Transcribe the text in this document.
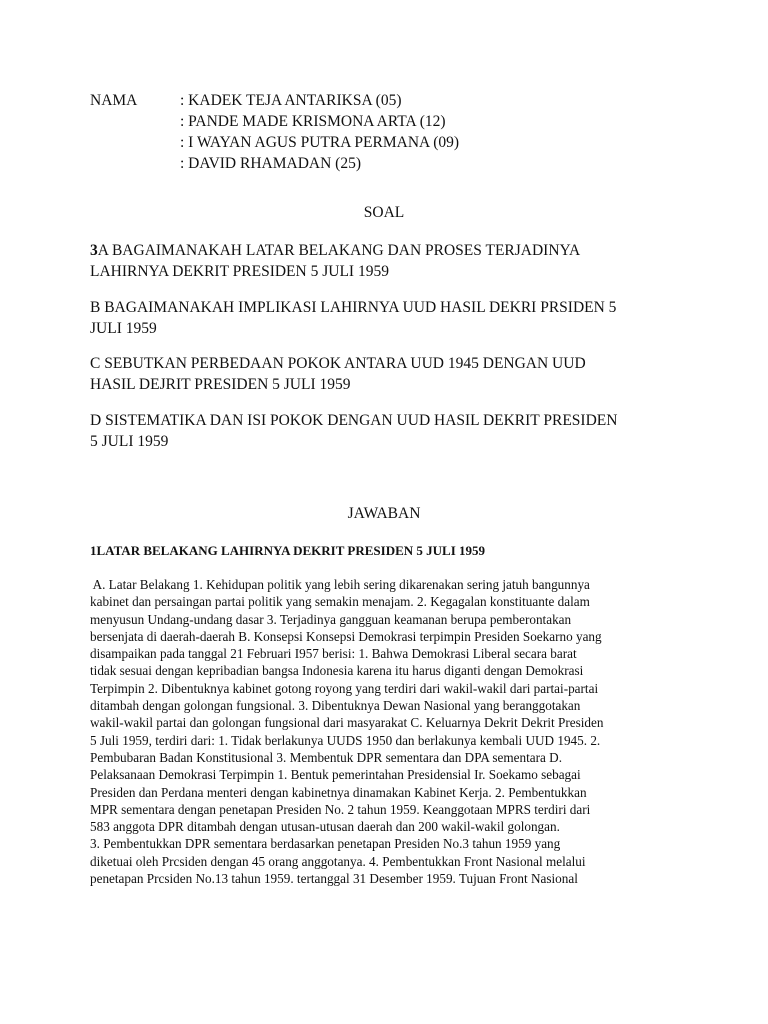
NAMA	: KADEK TEJA ANTARIKSA (05)
: PANDE MADE KRISMONA ARTA (12)
: I WAYAN AGUS PUTRA PERMANA (09)
: DAVID RHAMADAN (25)
SOAL
3A BAGAIMANAKAH LATAR BELAKANG DAN PROSES TERJADINYA
LAHIRNYA DEKRIT PRESIDEN 5 JULI 1959
B BAGAIMANAKAH IMPLIKASI LAHIRNYA UUD HASIL DEKRI PRSIDEN 5
JULI 1959
C SEBUTKAN PERBEDAAN POKOK ANTARA UUD 1945 DENGAN UUD
HASIL DEJRIT PRESIDEN 5 JULI 1959
D SISTEMATIKA DAN ISI POKOK DENGAN UUD HASIL DEKRIT PRESIDEN
5 JULI 1959
JAWABAN
1LATAR BELAKANG LAHIRNYA DEKRIT PRESIDEN 5 JULI 1959
A. Latar Belakang 1. Kehidupan politik yang lebih sering dikarenakan sering jatuh bangunnya
kabinet dan persaingan partai politik yang semakin menajam. 2. Kegagalan konstituante dalam
menyusun Undang-undang dasar 3. Terjadinya gangguan keamanan berupa pemberontakan
bersenjata di daerah-daerah B. Konsepsi Konsepsi Demokrasi terpimpin Presiden Soekarno yang
disampaikan pada tanggal 21 Februari I957 berisi: 1. Bahwa Demokrasi Liberal secara barat
tidak sesuai dengan kepribadian bangsa Indonesia karena itu harus diganti dengan Demokrasi
Terpimpin 2. Dibentuknya kabinet gotong royong yang terdiri dari wakil-wakil dari partai-partai
ditambah dengan golongan fungsional. 3. Dibentuknya Dewan Nasional yang beranggotakan
wakil-wakil partai dan golongan fungsional dari masyarakat C. Keluarnya Dekrit Dekrit Presiden
5 Juli 1959, terdiri dari: 1. Tidak berlakunya UUDS 1950 dan berlakunya kembali UUD 1945. 2.
Pembubaran Badan Konstitusional 3. Membentuk DPR sementara dan DPA sementara D.
Pelaksanaan Demokrasi Terpimpin 1. Bentuk pemerintahan Presidensial Ir. Soekamo sebagai
Presiden dan Perdana menteri dengan kabinetnya dinamakan Kabinet Kerja. 2. Pembentukkan
MPR sementara dengan penetapan Presiden No. 2 tahun 1959. Keanggotaan MPRS terdiri dari
583 anggota DPR ditambah dengan utusan-utusan daerah dan 200 wakil-wakil golongan.
3. Pembentukkan DPR sementara berdasarkan penetapan Presiden No.3 tahun 1959 yang
diketuai oleh Prcsiden dengan 45 orang anggotanya. 4. Pembentukkan Front Nasional melalui
penetapan Prcsiden No.13 tahun 1959. tertanggal 31 Desember 1959. Tujuan Front Nasional
